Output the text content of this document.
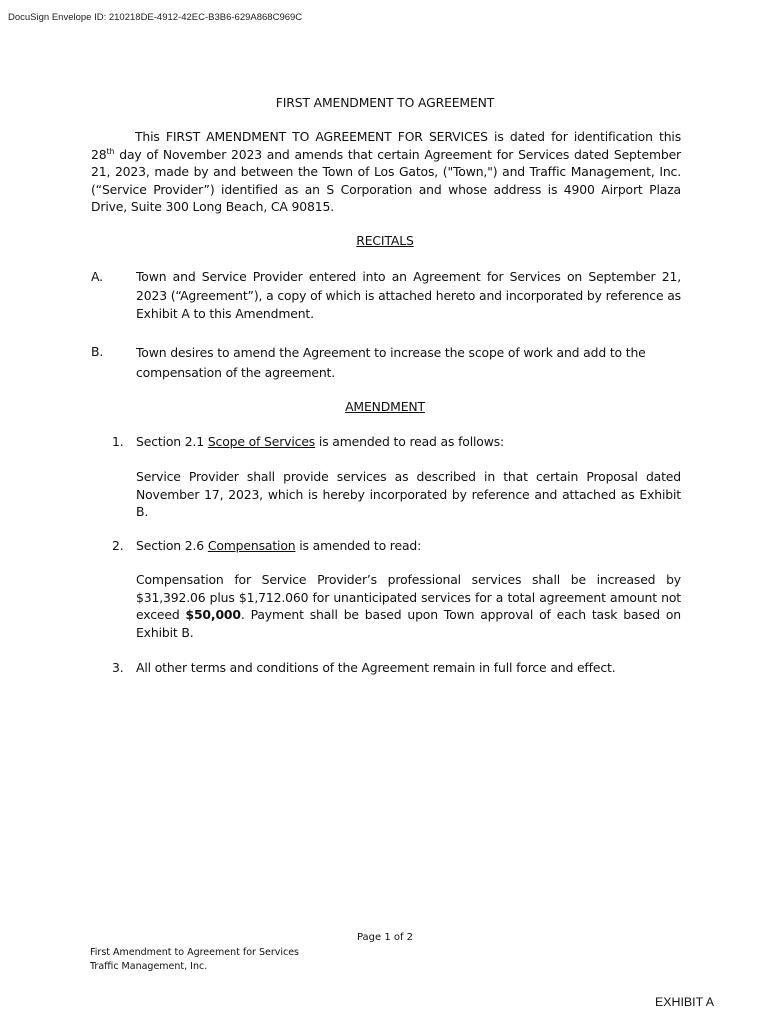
DocuSign Envelope ID: 210218DE-4912-42EC-B3B6-629A868C969C
FIRST AMENDMENT TO AGREEMENT

This FIRST AMENDMENT TO AGREEMENT FOR SERVICES is dated for identification this 28th day of November 2023 and amends that certain Agreement for Services dated September 21, 2023, made by and between the Town of Los Gatos, ("Town,") and Traffic Management, Inc. (“Service Provider”) identified as an S Corporation and whose address is 4900 Airport Plaza Drive, Suite 300 Long Beach, CA 90815.

RECITALS
A.	Town and Service Provider entered into an Agreement for Services on September 21, 2023 (“Agreement”), a copy of which is attached hereto and incorporated by reference as Exhibit A to this Amendment.
B.	Town desires to amend the Agreement to increase the scope of work and add to the compensation of the agreement.
AMENDMENT
1. Section 2.1 Scope of Services is amended to read as follows:

Service Provider shall provide services as described in that certain Proposal dated November 17, 2023, which is hereby incorporated by reference and attached as Exhibit B.

2. Section 2.6 Compensation is amended to read:

Compensation for Service Provider’s professional services shall be increased by $31,392.06 plus $1,712.060 for unanticipated services for a total agreement amount not exceed $50,000. Payment shall be based upon Town approval of each task based on Exhibit B.

3. All other terms and conditions of the Agreement remain in full force and effect.
Page 1 of 2
First Amendment to Agreement for Services
Traffic Management, Inc.
EXHIBIT A
